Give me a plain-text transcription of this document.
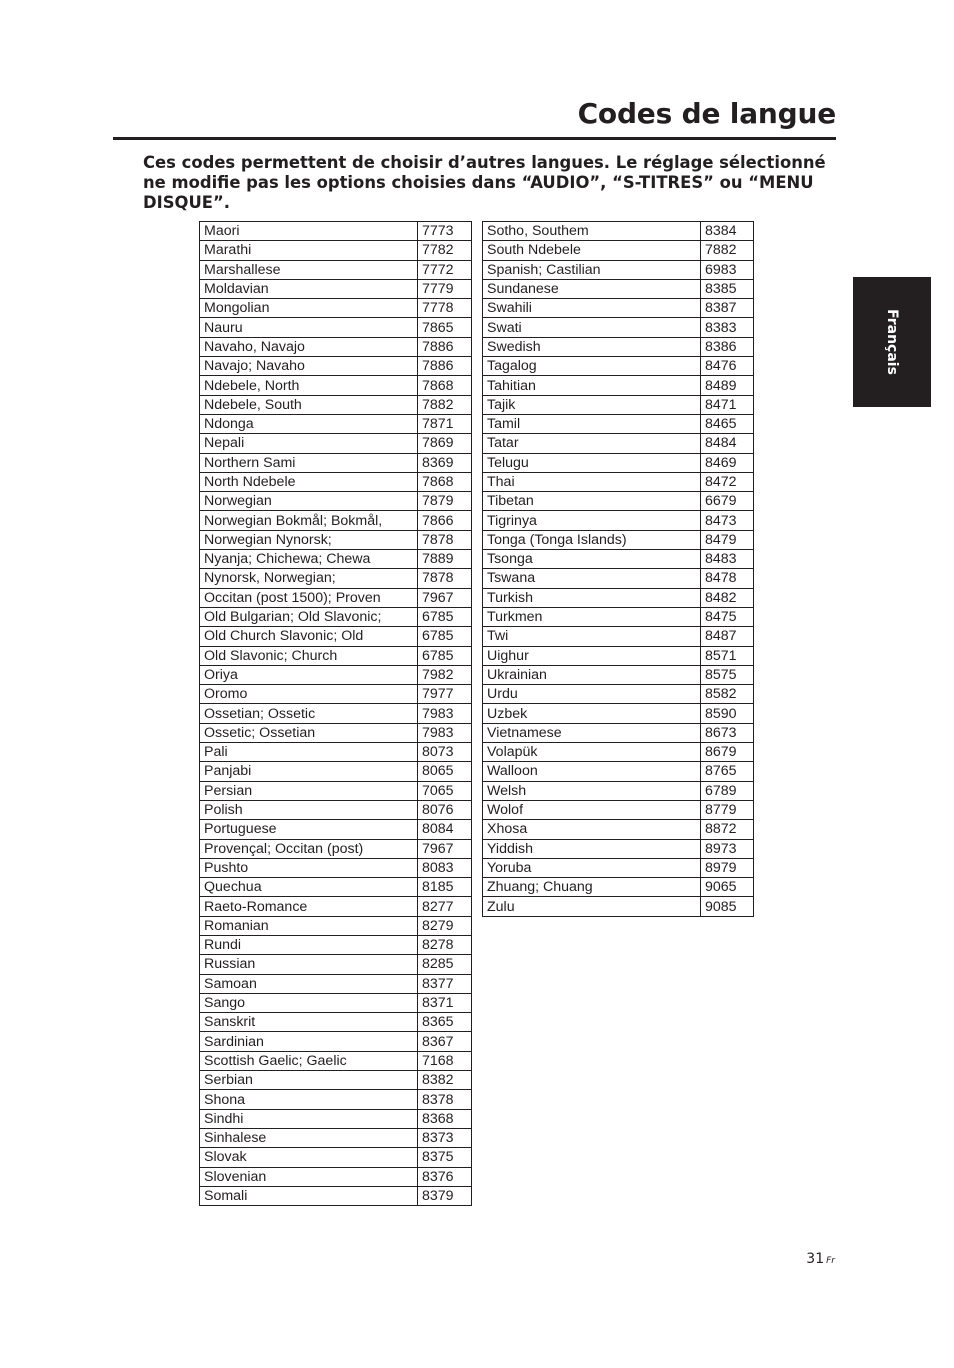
Codes de langue

Ces codes permettent de choisir d’autres langues. Le réglage sélectionné ne modifie pas les options choisies dans “AUDIO”, “S-TITRES” ou “MENU DISQUE”.

Maori	7773
Marathi	7782
Marshallese	7772
Moldavian	7779
Mongolian	7778
Nauru	7865
Navaho, Navajo	7886
Navajo; Navaho	7886
Ndebele, North	7868
Ndebele, South	7882
Ndonga	7871
Nepali	7869
Northern Sami	8369
North Ndebele	7868
Norwegian	7879
Norwegian Bokmål; Bokmål,	7866
Norwegian Nynorsk;	7878
Nyanja; Chichewa; Chewa	7889
Nynorsk, Norwegian;	7878
Occitan (post 1500); Proven	7967
Old Bulgarian; Old Slavonic;	6785
Old Church Slavonic; Old	6785
Old Slavonic; Church	6785
Oriya	7982
Oromo	7977
Ossetian; Ossetic	7983
Ossetic; Ossetian	7983
Pali	8073
Panjabi	8065
Persian	7065
Polish	8076
Portuguese	8084
Provençal; Occitan (post)	7967
Pushto	8083
Quechua	8185
Raeto-Romance	8277
Romanian	8279
Rundi	8278
Russian	8285
Samoan	8377
Sango	8371
Sanskrit	8365
Sardinian	8367
Scottish Gaelic; Gaelic	7168
Serbian	8382
Shona	8378
Sindhi	8368
Sinhalese	8373
Slovak	8375
Slovenian	8376
Somali	8379
Sotho, Southem	8384
South Ndebele	7882
Spanish; Castilian	6983
Sundanese	8385
Swahili	8387
Swati	8383
Swedish	8386
Tagalog	8476
Tahitian	8489
Tajik	8471
Tamil	8465
Tatar	8484
Telugu	8469
Thai	8472
Tibetan	6679
Tigrinya	8473
Tonga (Tonga Islands)	8479
Tsonga	8483
Tswana	8478
Turkish	8482
Turkmen	8475
Twi	8487
Uighur	8571
Ukrainian	8575
Urdu	8582
Uzbek	8590
Vietnamese	8673
Volapük	8679
Walloon	8765
Welsh	6789
Wolof	8779
Xhosa	8872
Yiddish	8973
Yoruba	8979
Zhuang; Chuang	9065
Zulu	9085
Français
31 Fr
